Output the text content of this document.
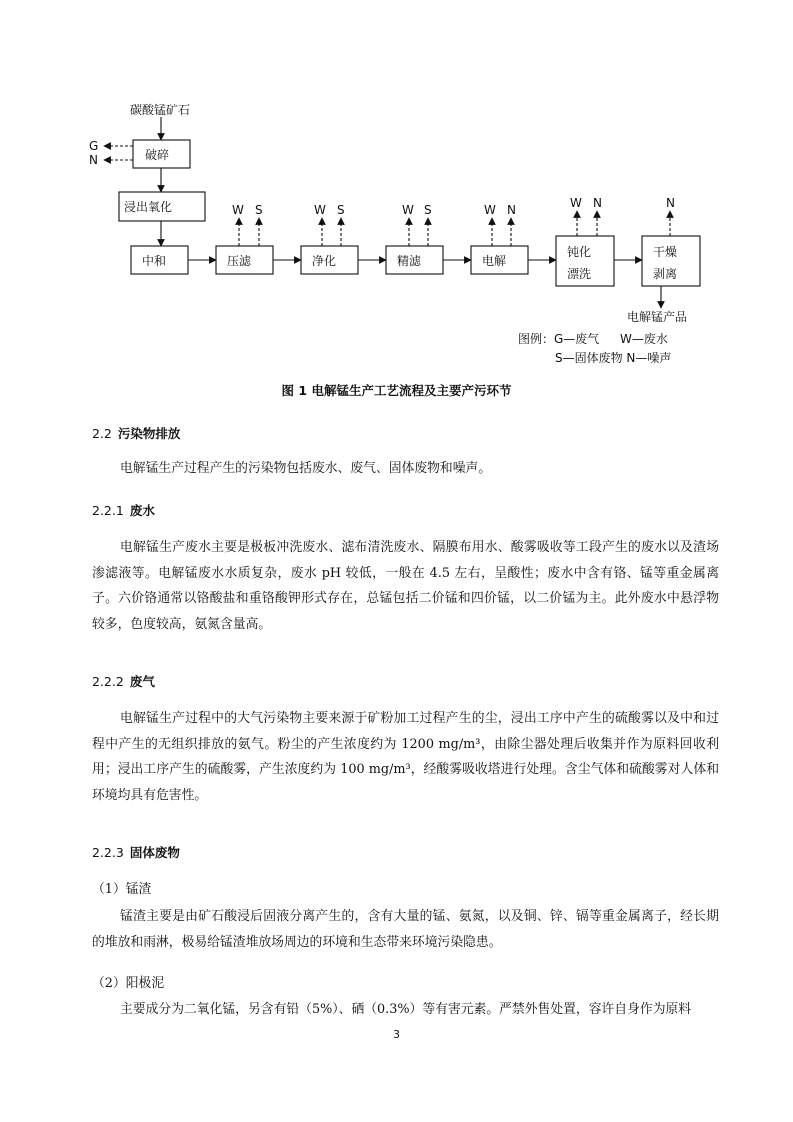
碳酸锰矿石
G
N	破碎
浸出氧化
中和	压滤	净化	精滤	电解
钝化
漂洗
干燥
剥离
电解锰产品
W S	W S	W S	W N	W N	N
图例：G—废气 W—废水
S—固体废物 N—噪声
图 1 电解锰生产工艺流程及主要产污环节
2.2 污染物排放
电解锰生产过程产生的污染物包括废水、废气、固体废物和噪声。
2.2.1 废水
电解锰生产废水主要是极板冲洗废水、滤布清洗废水、隔膜布用水、酸雾吸收等工段产生的废水以及渣场渗滤液等。电解锰废水水质复杂，废水 pH 较低，一般在 4.5 左右，呈酸性；废水中含有铬、锰等重金属离子。六价铬通常以铬酸盐和重铬酸钾形式存在，总锰包括二价锰和四价锰，以二价锰为主。此外废水中悬浮物较多，色度较高，氨氮含量高。
2.2.2 废气
电解锰生产过程中的大气污染物主要来源于矿粉加工过程产生的尘，浸出工序中产生的硫酸雾以及中和过程中产生的无组织排放的氨气。粉尘的产生浓度约为 1200 mg/m³，由除尘器处理后收集并作为原料回收利用；浸出工序产生的硫酸雾，产生浓度约为 100 mg/m³，经酸雾吸收塔进行处理。含尘气体和硫酸雾对人体和环境均具有危害性。
2.2.3 固体废物
（1）锰渣
锰渣主要是由矿石酸浸后固液分离产生的，含有大量的锰、氨氮，以及铜、锌、镉等重金属离子，经长期的堆放和雨淋，极易给锰渣堆放场周边的环境和生态带来环境污染隐患。
（2）阳极泥
主要成分为二氧化锰，另含有铅（5%）、硒（0.3%）等有害元素。严禁外售处置，容许自身作为原料
3
